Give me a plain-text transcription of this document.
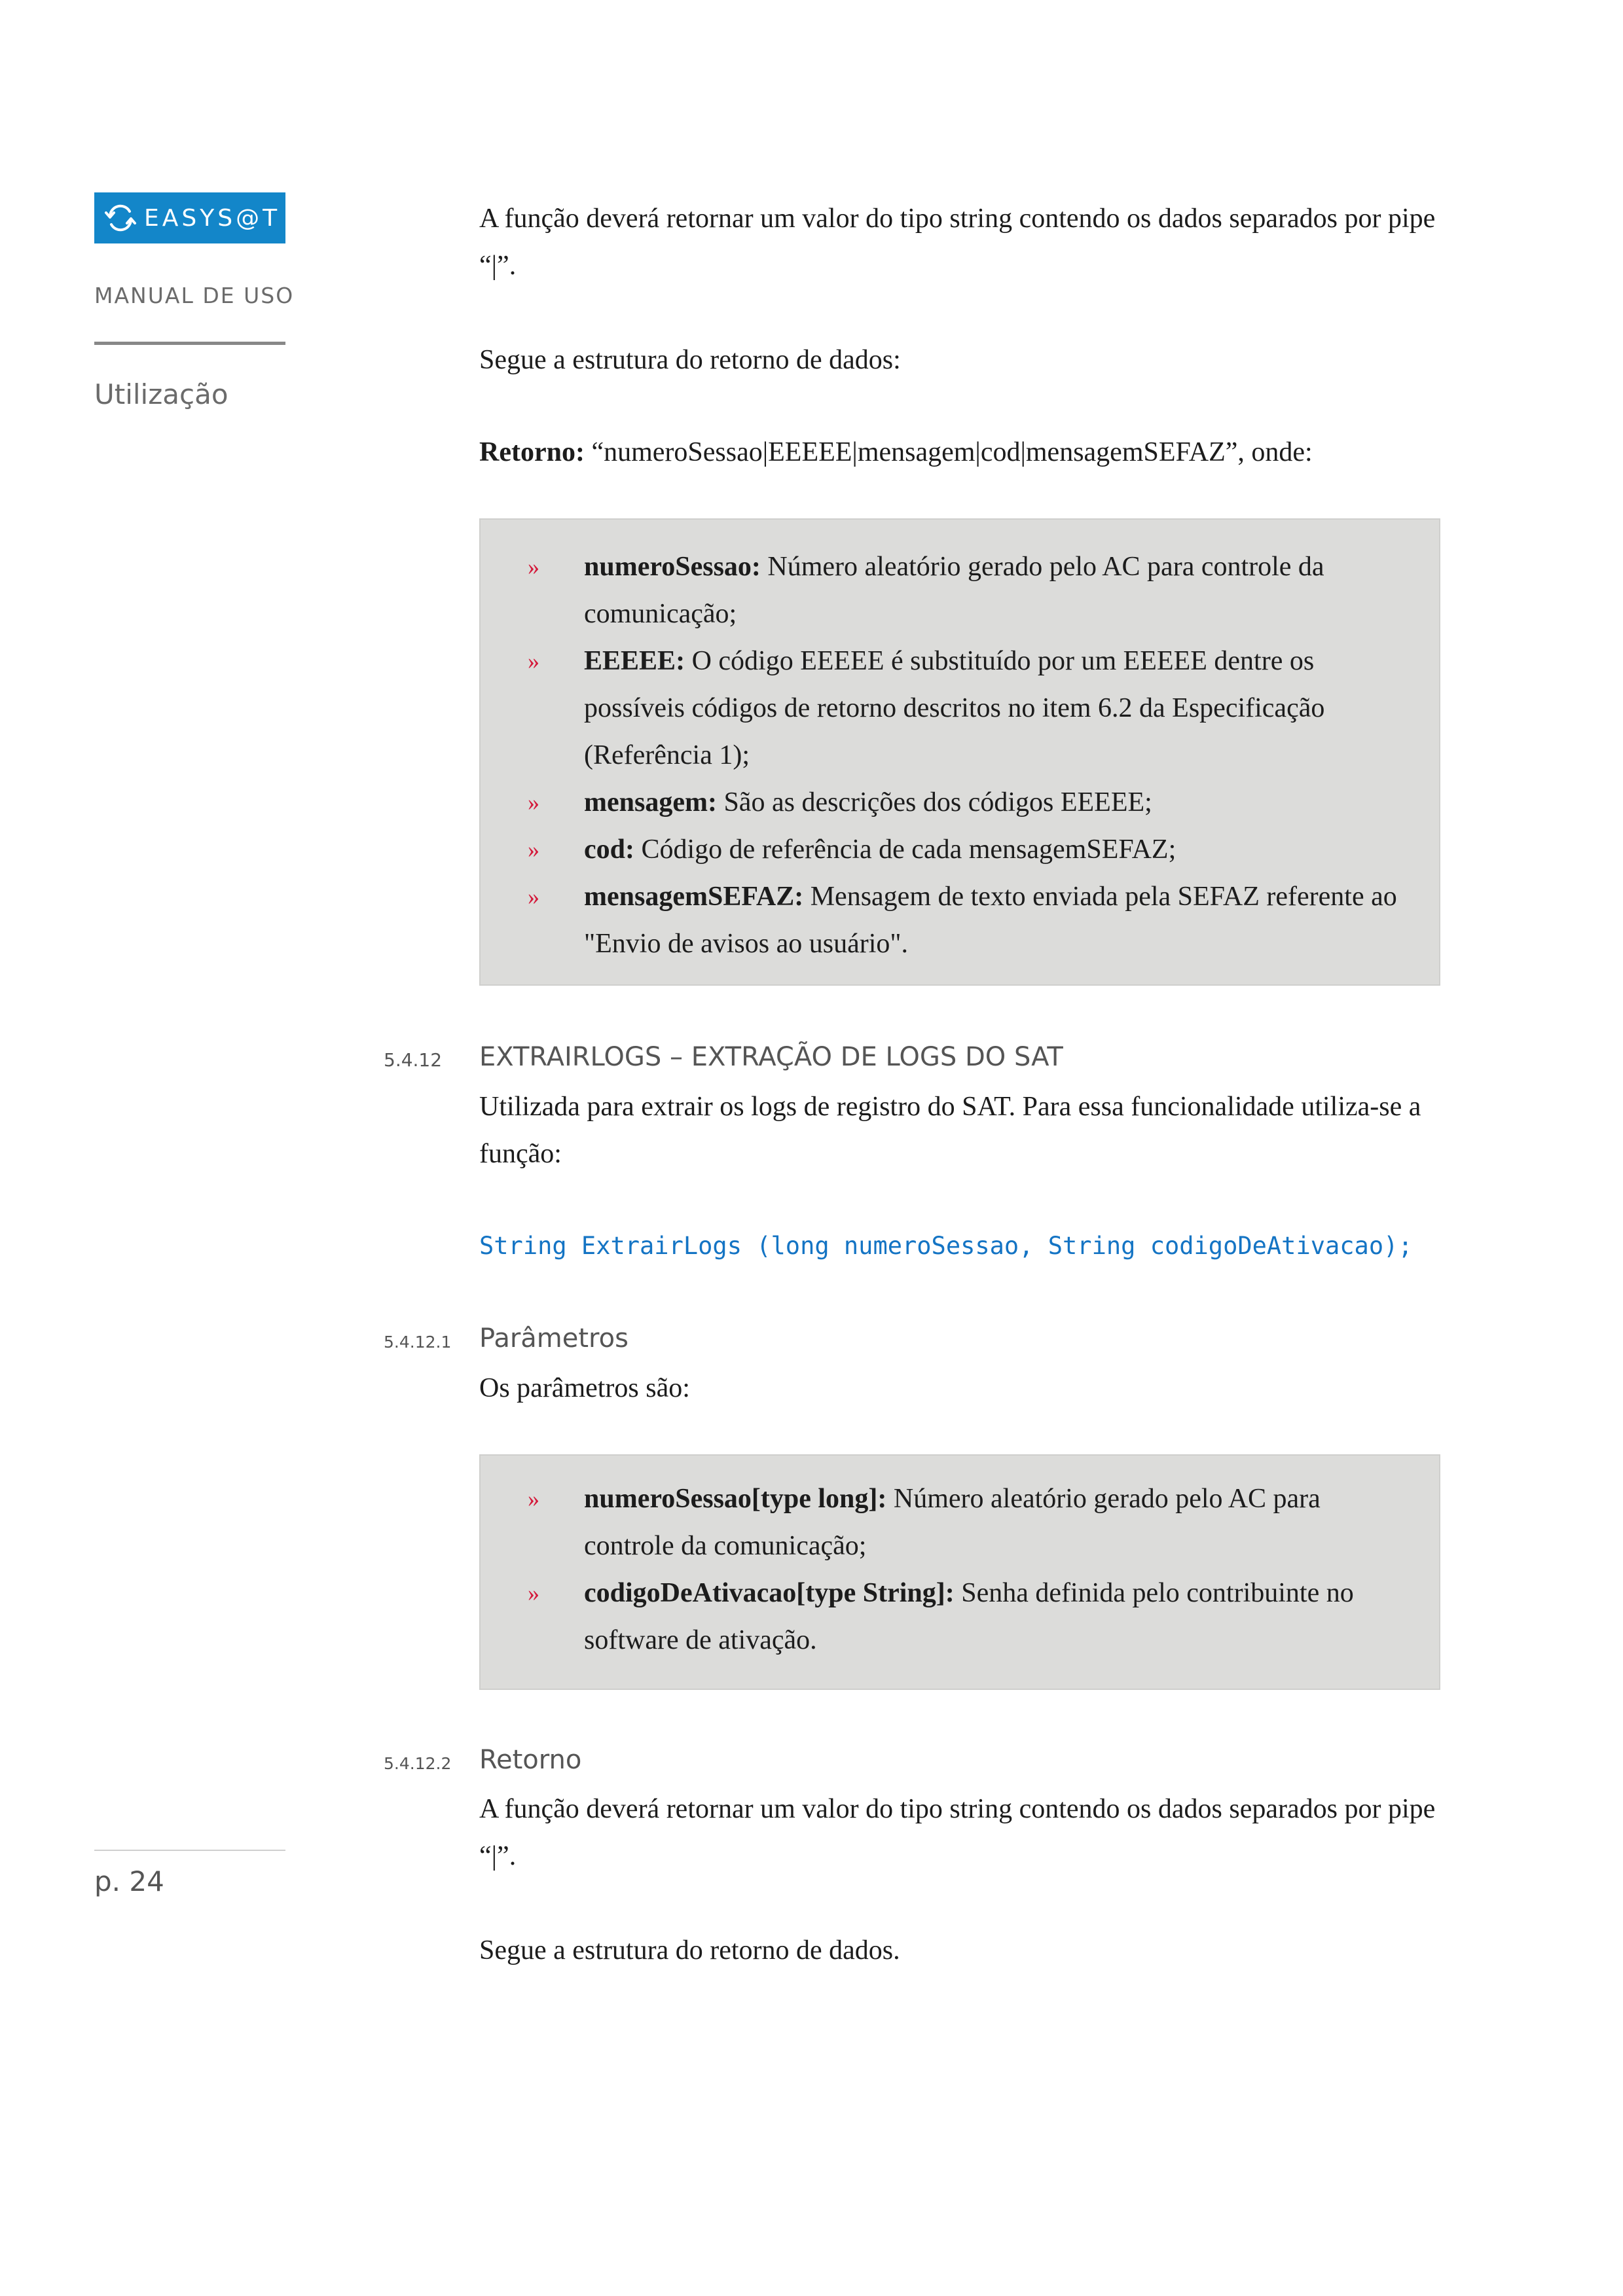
EASYS@T
MANUAL DE USO
Utilização
p. 24

A função deverá retornar um valor do tipo string contendo os dados separados por pipe “|”.

Segue a estrutura do retorno de dados:

Retorno: “numeroSessao|EEEEE|mensagem|cod|mensagemSEFAZ”, onde:

» numeroSessao: Número aleatório gerado pelo AC para controle da comunicação;
» EEEEE: O código EEEEE é substituído por um EEEEE dentre os possíveis códigos de retorno descritos no item 6.2 da Especificação (Referência 1);
» mensagem: São as descrições dos códigos EEEEE;
» cod: Código de referência de cada mensagemSEFAZ;
» mensagemSEFAZ: Mensagem de texto enviada pela SEFAZ referente ao "Envio de avisos ao usuário".
5.4.12 EXTRAIRLOGS – EXTRAÇÃO DE LOGS DO SAT

Utilizada para extrair os logs de registro do SAT. Para essa funcionalidade utiliza-se a função:

String ExtrairLogs (long numeroSessao, String codigoDeAtivacao);
5.4.12.1 Parâmetros

Os parâmetros são:

» numeroSessao[type long]: Número aleatório gerado pelo AC para controle da comunicação;
» codigoDeAtivacao[type String]: Senha definida pelo contribuinte no software de ativação.
5.4.12.2 Retorno

A função deverá retornar um valor do tipo string contendo os dados separados por pipe “|”.

Segue a estrutura do retorno de dados.
